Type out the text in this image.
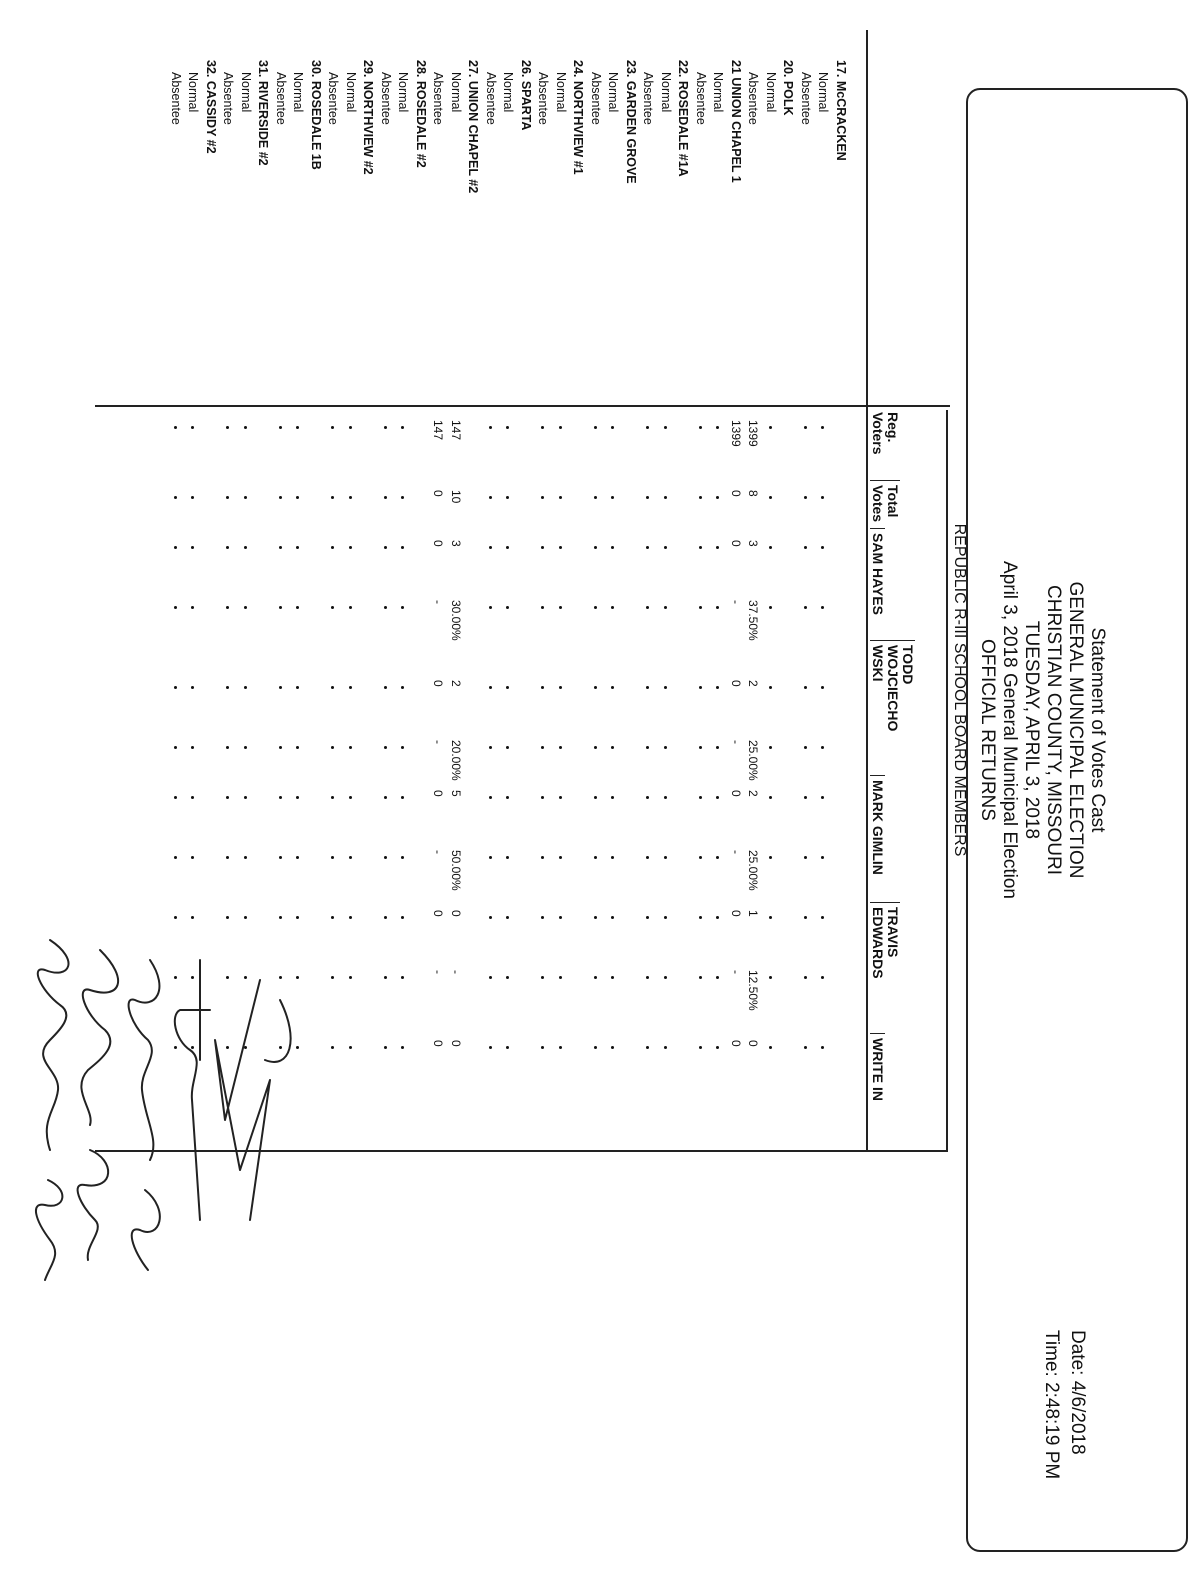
Statement of Votes Cast
GENERAL MUNICIPAL ELECTION
CHRISTIAN COUNTY, MISSOURI
TUESDAY, APRIL 3, 2018
April 3, 2018 General Municipal Election
OFFICIAL RETURNS
Date: 4/6/2018
Time: 2:48:19 PM
REPUBLIC R-III SCHOOL BOARD MEMBERS
Reg.
Voters
Total
Votes
SAM HAYES
TODD
WOJCIECHO
WSKI
MARK GIMLIN
TRAVIS
EDWARDS
WRITE IN
17. McCRACKEN
Normal
Absentee
20. POLK
Normal
Absentee
1399
8
3
2
2
1
0
37.50%
25.00%
25.00%
12.50%
21 UNION CHAPEL 1
1399
0
0
0
0
0
0
-
-
-
-
Normal
Absentee
22. ROSEDALE #1A
Normal
Absentee
23. GARDEN GROVE
Normal
Absentee
24. NORTHVIEW #1
Normal
Absentee
26. SPARTA
Normal
Absentee
27. UNION CHAPEL #2
Normal
147
10
3
2
5
0
0
30.00%
20.00%
50.00%
-
Absentee
147
0
0
0
0
0
0
-
-
-
-
28. ROSEDALE #2
Normal
Absentee
29. NORTHVIEW #2
Normal
Absentee
30. ROSEDALE 1B
Normal
Absentee
31. RIVERSIDE #2
Normal
Absentee
32. CASSIDY #2
Normal
Absentee
